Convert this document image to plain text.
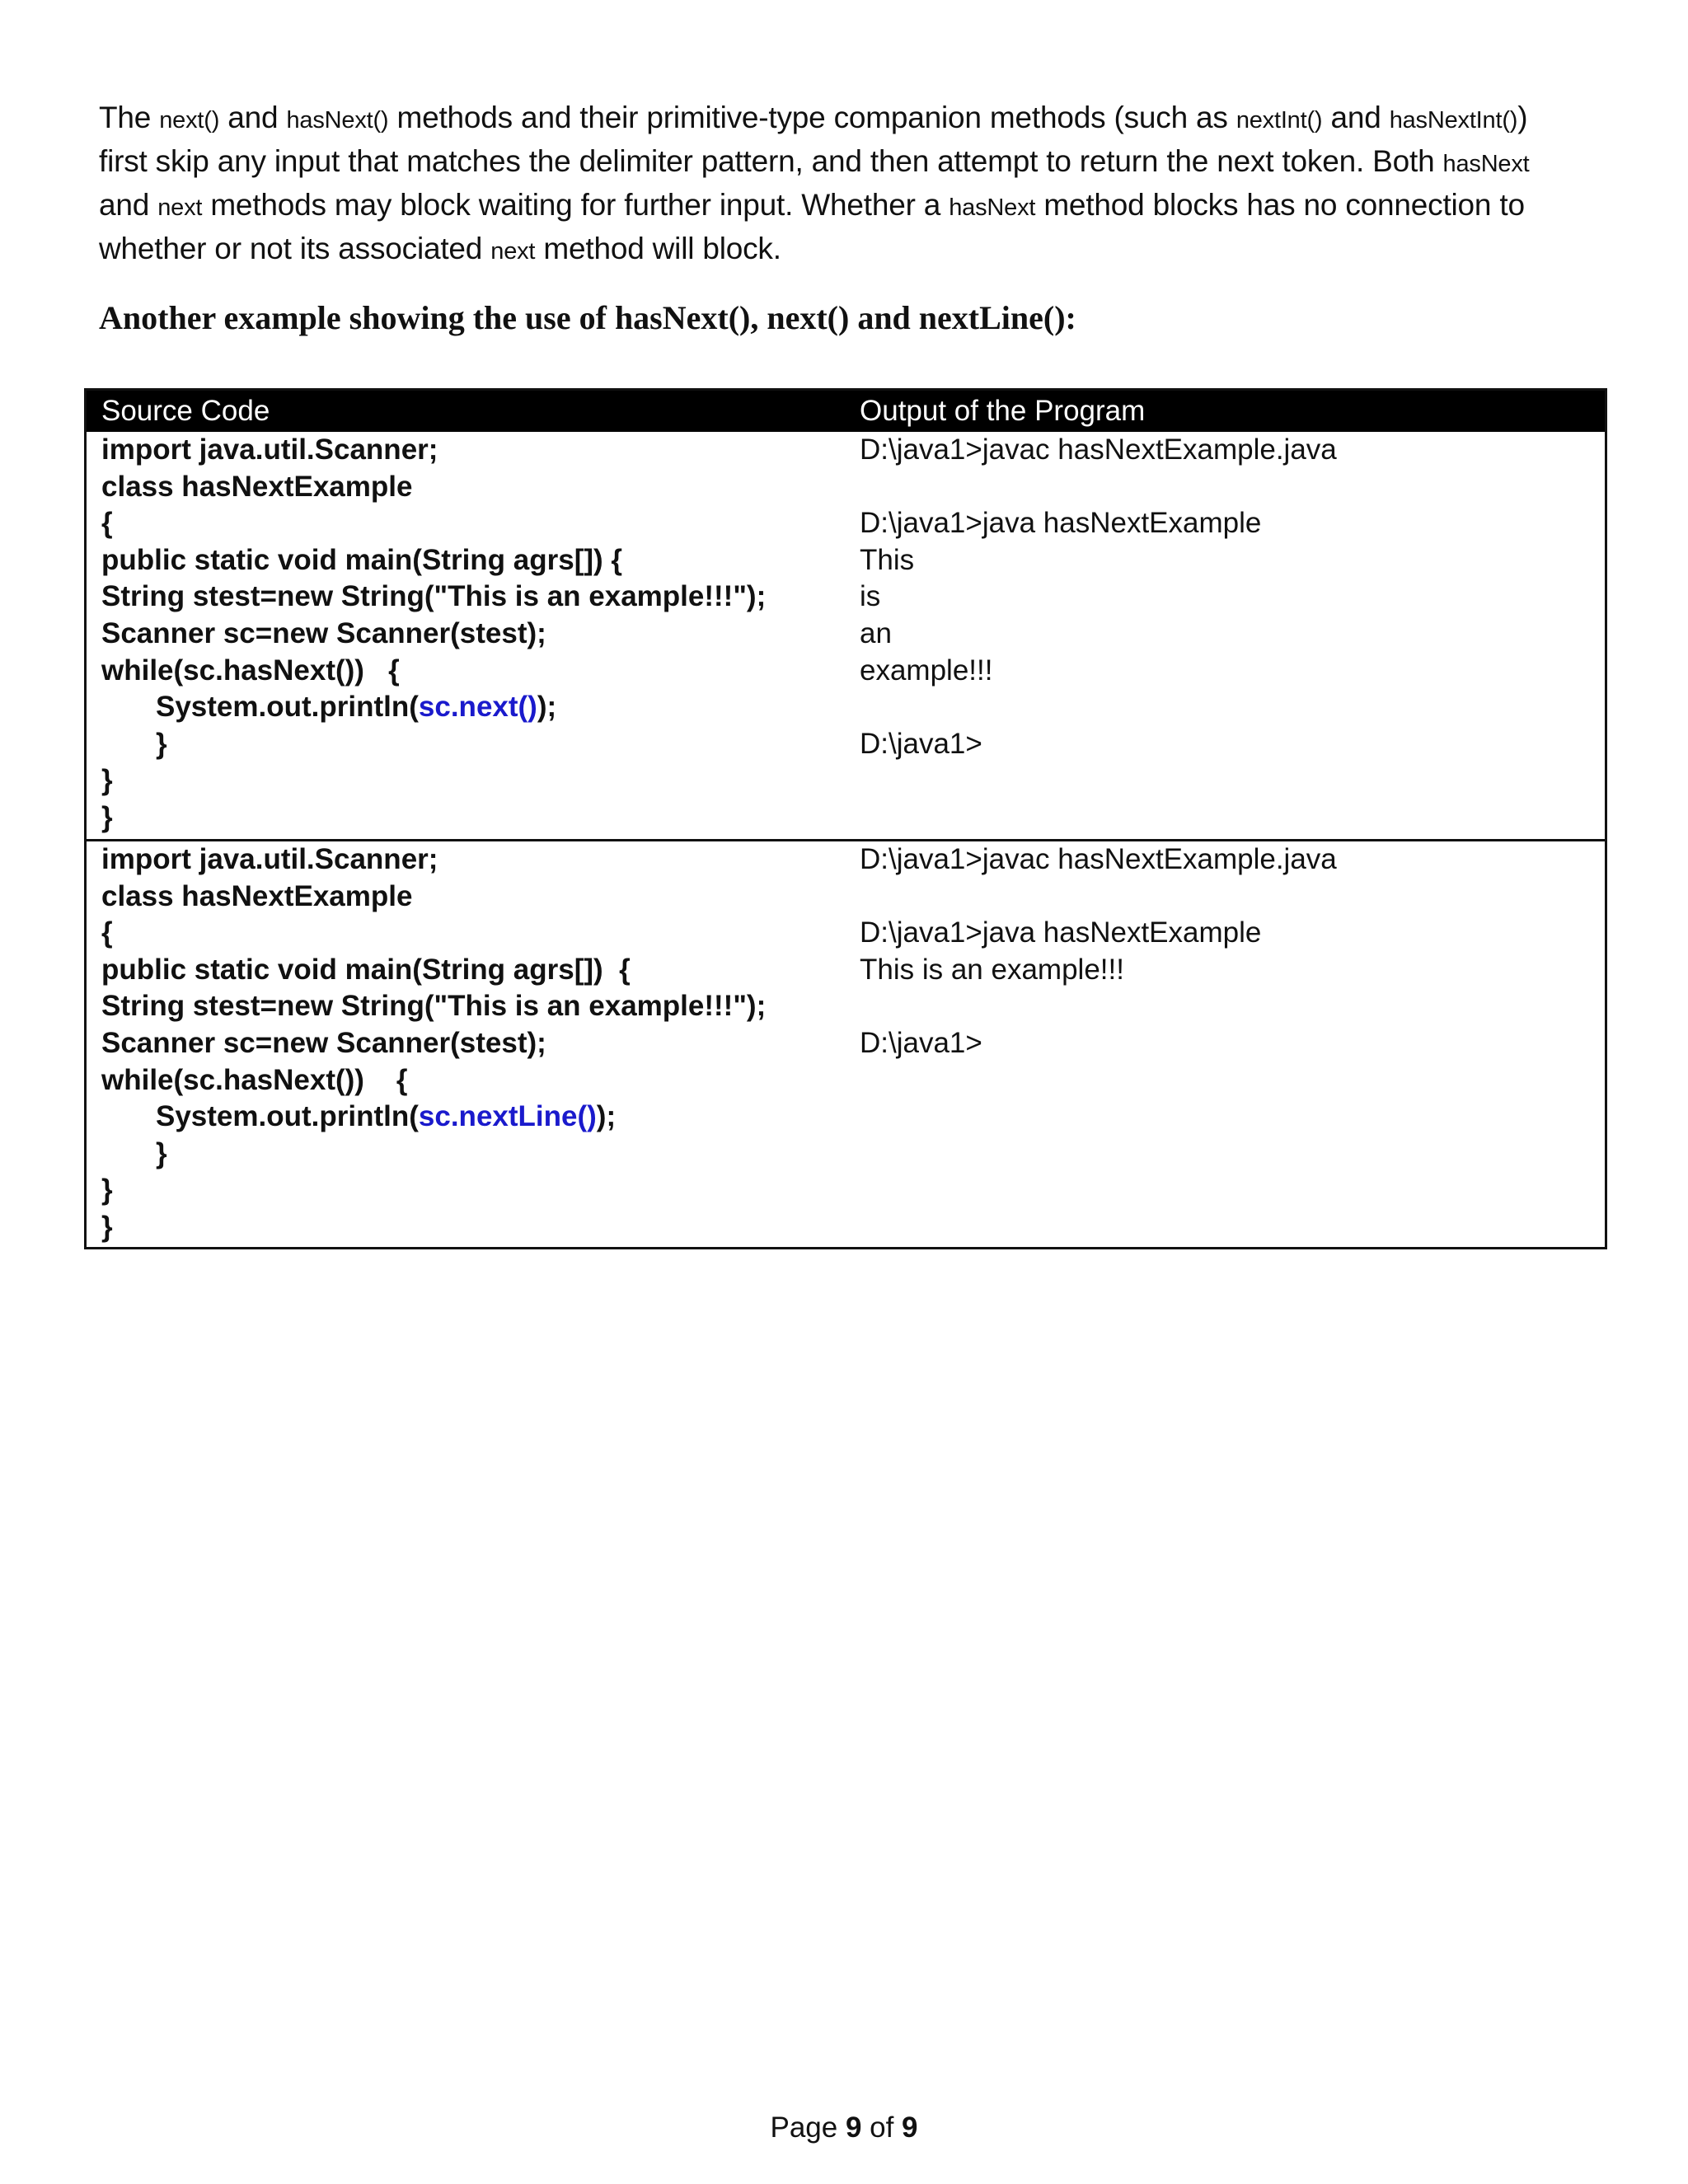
The next() and hasNext() methods and their primitive-type companion methods (such as nextInt() and hasNextInt())
first skip any input that matches the delimiter pattern, and then attempt to return the next token. Both hasNext
and next methods may block waiting for further input. Whether a hasNext method blocks has no connection to
whether or not its associated next method will block.
Another example showing the use of hasNext(), next() and nextLine():
Source Code	Output of the Program
import java.util.Scanner;
class hasNextExample
{
public static void main(String agrs[]) {
String stest=new String("This is an example!!!");
Scanner sc=new Scanner(stest);
while(sc.hasNext())   {
System.out.println(sc.next());
}
}
}
D:\java1>javac hasNextExample.java
D:\java1>java hasNextExample
This
is
an
example!!!
D:\java1>
import java.util.Scanner;
class hasNextExample
{
public static void main(String agrs[])  {
String stest=new String("This is an example!!!");
Scanner sc=new Scanner(stest);
while(sc.hasNext())    {
System.out.println(sc.nextLine());
}
}
}
D:\java1>javac hasNextExample.java
D:\java1>java hasNextExample
This is an example!!!
D:\java1>
Page 9 of 9
